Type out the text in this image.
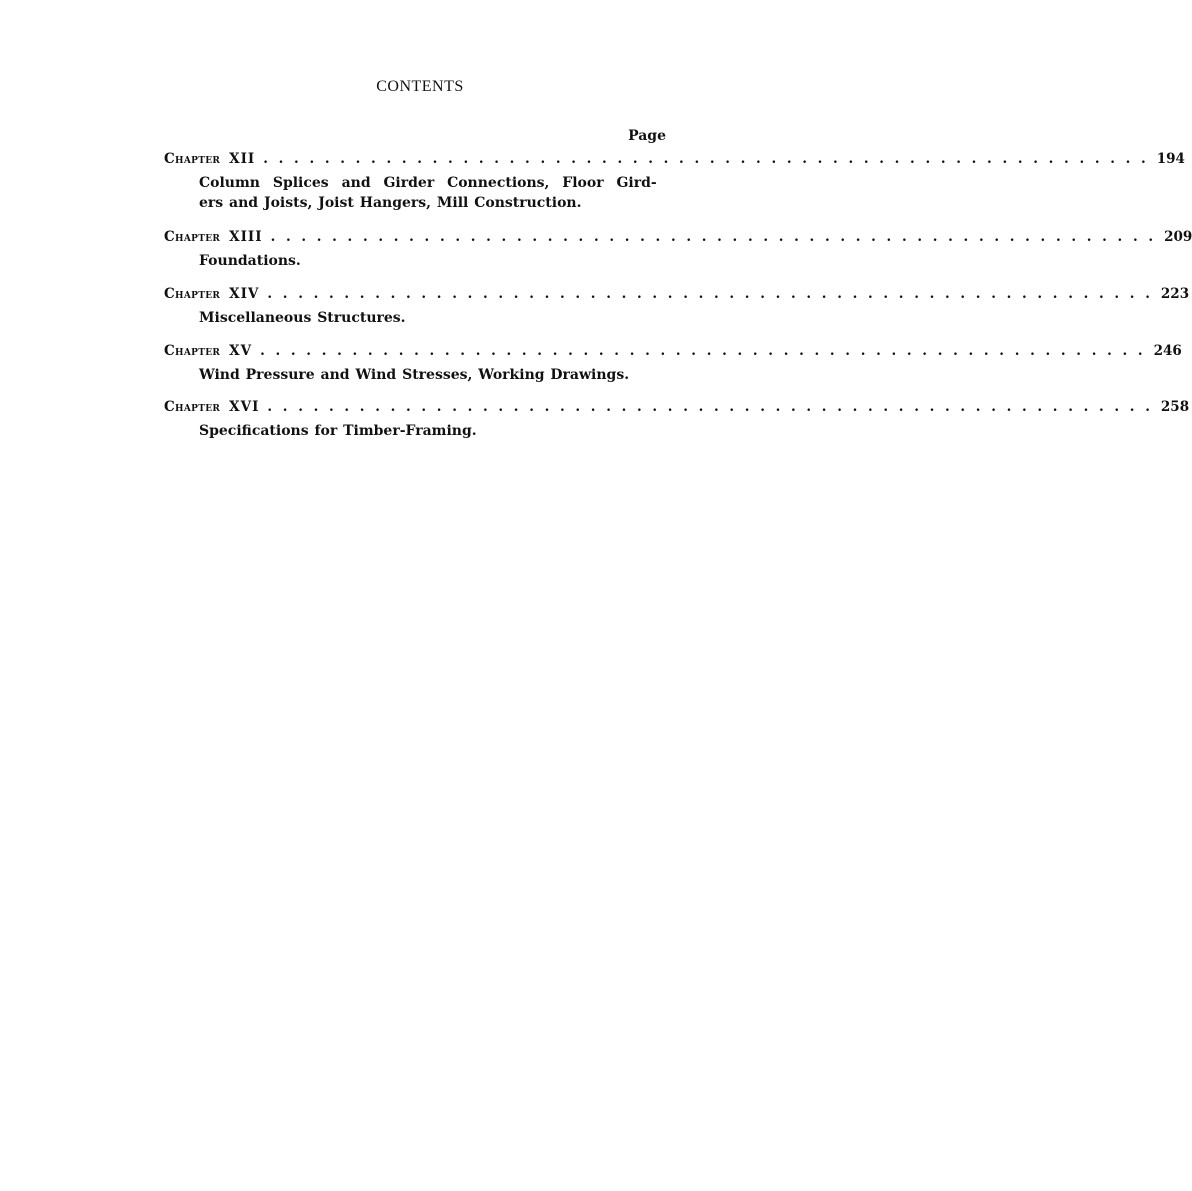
CONTENTS
Page
Chapter XII . . . . . . . . . . . . . . . . . . . . . . . . . . . . . . . . . . . . . . . . . . . . . . . . . . . . . . . . . . 194
Column Splices and Girder Connections, Floor Gird-
ers and Joists, Joist Hangers, Mill Construction.
Chapter XIII . . . . . . . . . . . . . . . . . . . . . . . . . . . . . . . . . . . . . . . . . . . . . . . . . . . . . . . . . . 209
Foundations.
Chapter XIV . . . . . . . . . . . . . . . . . . . . . . . . . . . . . . . . . . . . . . . . . . . . . . . . . . . . . . . . . . 223
Miscellaneous Structures.
Chapter XV . . . . . . . . . . . . . . . . . . . . . . . . . . . . . . . . . . . . . . . . . . . . . . . . . . . . . . . . . . 246
Wind Pressure and Wind Stresses, Working Drawings.
Chapter XVI . . . . . . . . . . . . . . . . . . . . . . . . . . . . . . . . . . . . . . . . . . . . . . . . . . . . . . . . . . 258
Specifications for Timber-Framing.
